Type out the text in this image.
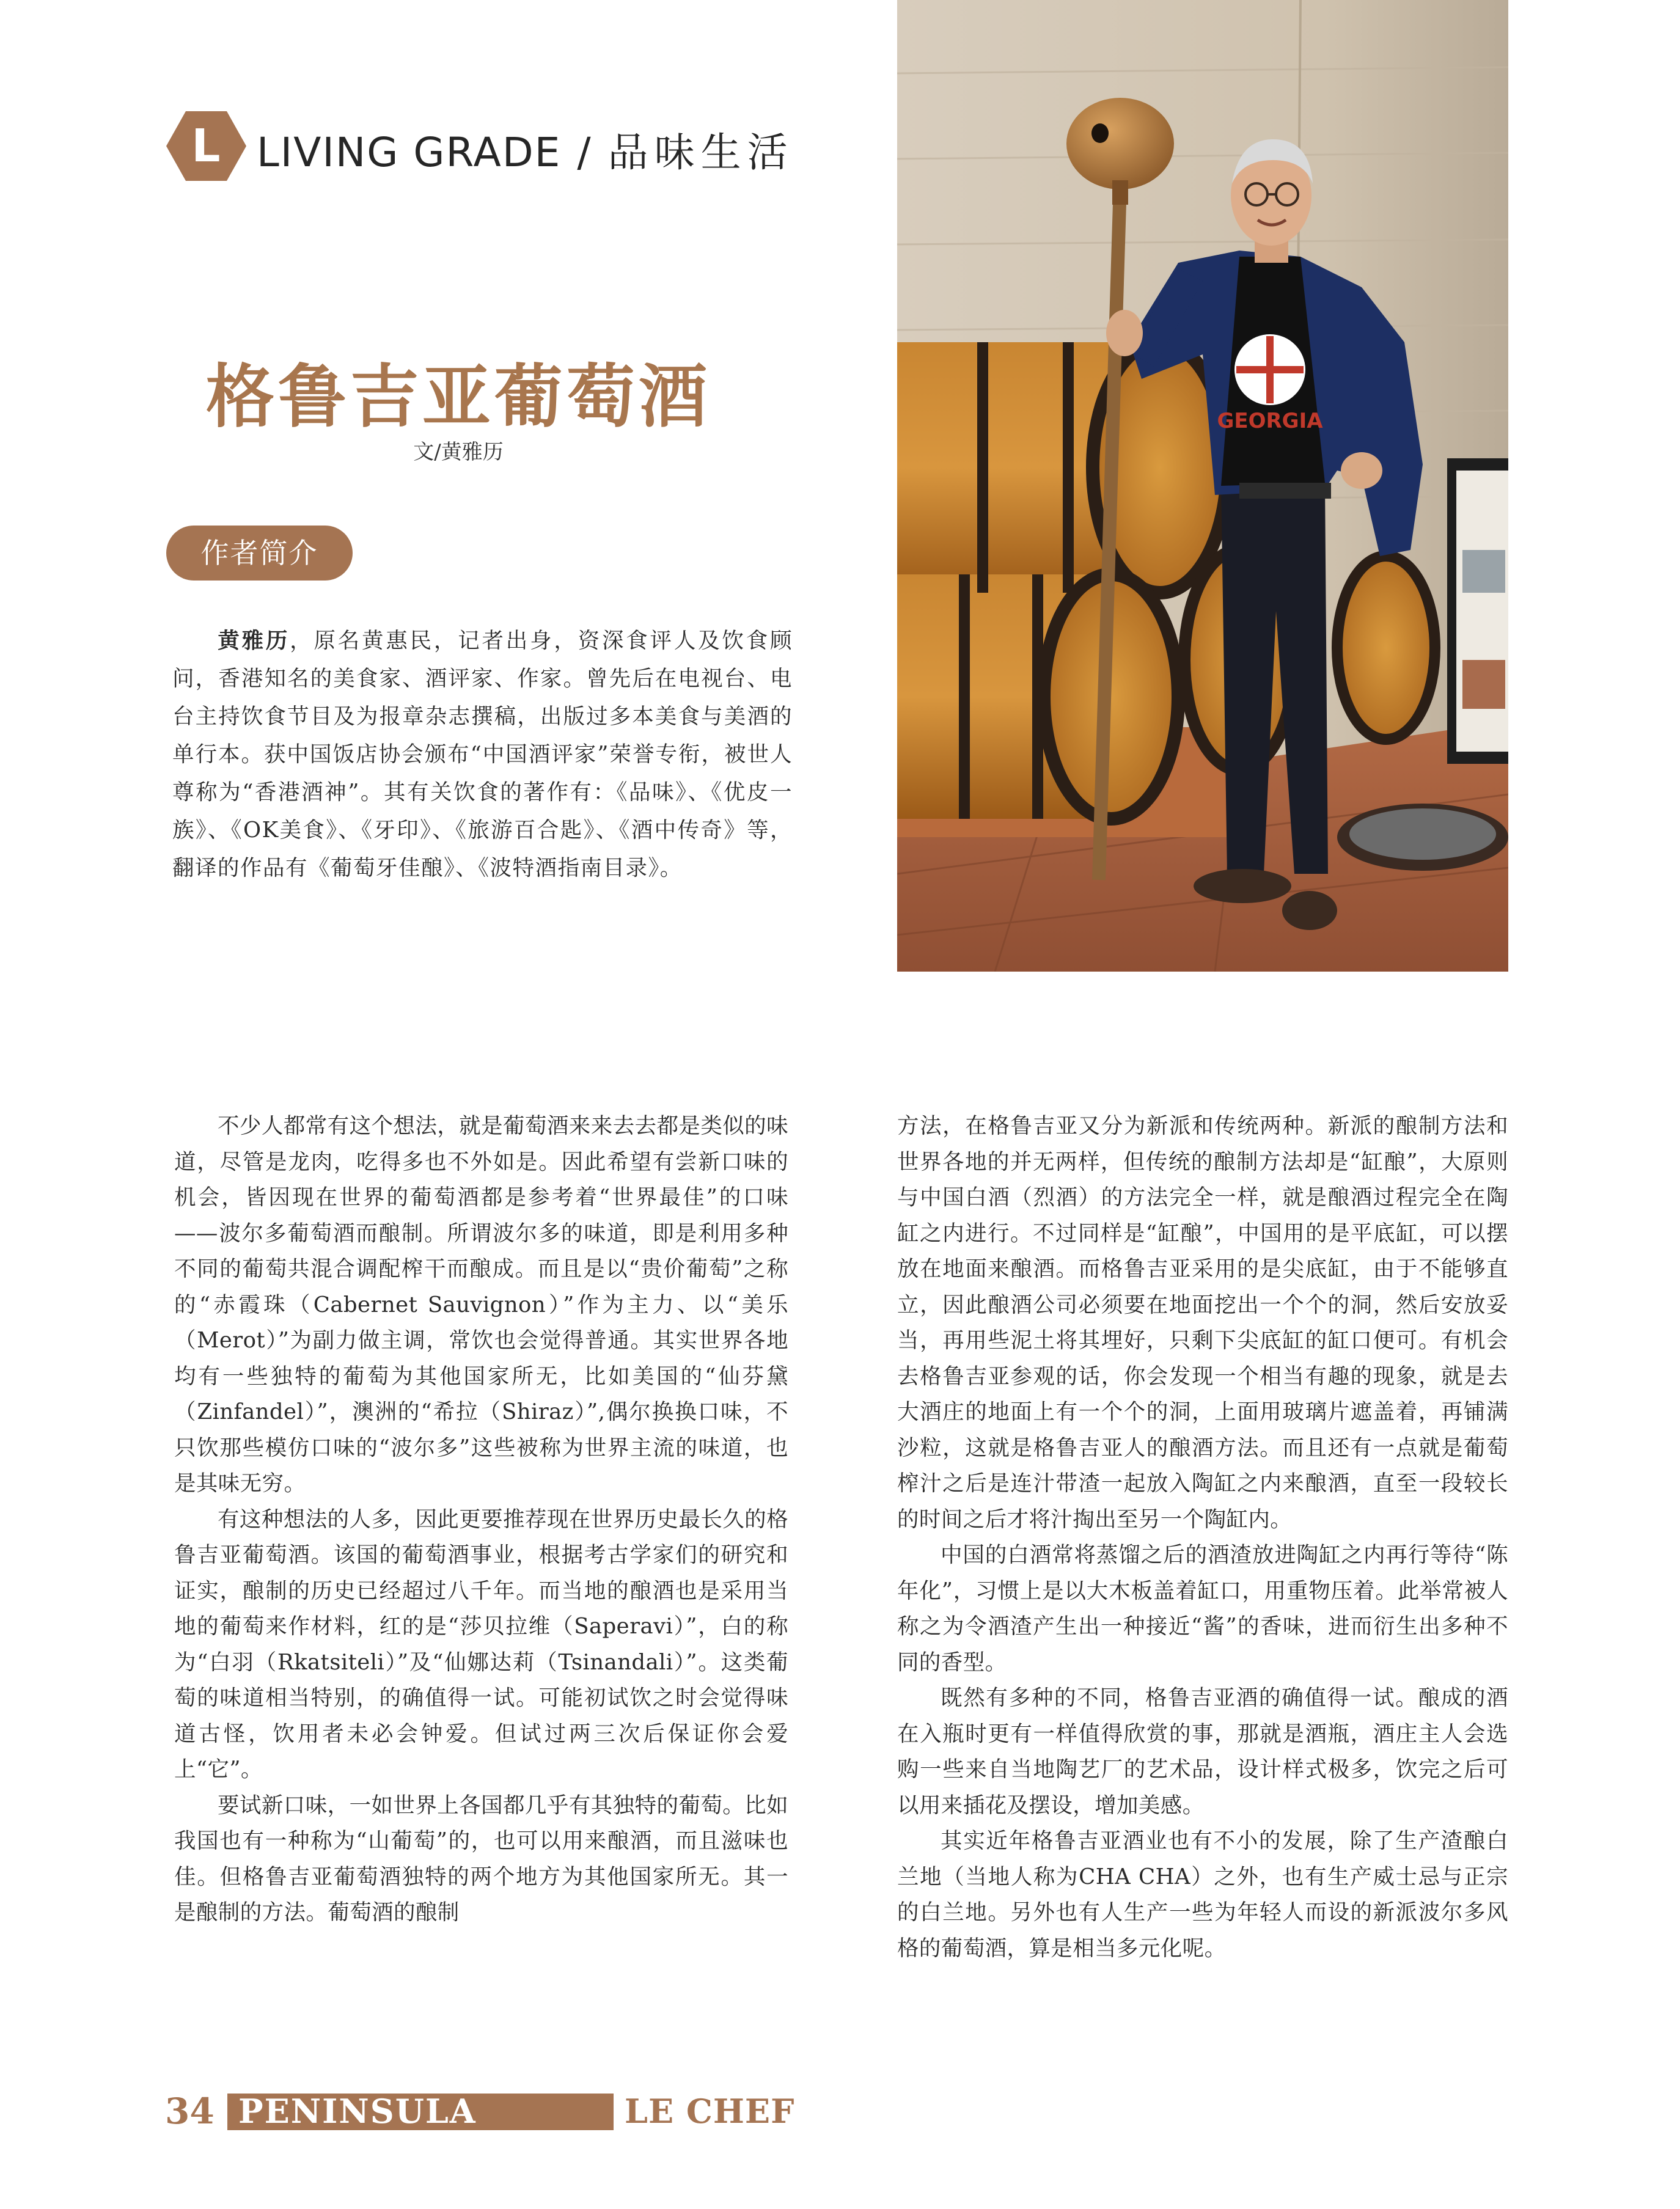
L LIVING GRADE / 品味生活
格鲁吉亚葡萄酒
文/黄雅历
作者简介
黄雅历，原名黄惠民，记者出身，资深食评人及饮食顾问，香港知名的美食家、酒评家、作家。曾先后在电视台、电台主持饮食节目及为报章杂志撰稿，出版过多本美食与美酒的单行本。获中国饭店协会颁布“中国酒评家”荣誉专衔，被世人尊称为“香港酒神”。其有关饮食的著作有：《品味》、《优皮一族》、《OK美食》、《牙印》、《旅游百合匙》、《酒中传奇》等，翻译的作品有《葡萄牙佳酿》、《波特酒指南目录》。
GEORGIA

不少人都常有这个想法，就是葡萄酒来来去去都是类似的味道，尽管是龙肉，吃得多也不外如是。因此希望有尝新口味的机会，皆因现在世界的葡萄酒都是参考着“世界最佳”的口味——波尔多葡萄酒而酿制。所谓波尔多的味道，即是利用多种不同的葡萄共混合调配榨干而酿成。而且是以“贵价葡萄”之称的“赤霞珠（Cabernet Sauvignon）”作为主力、以“美乐（Merot）”为副力做主调，常饮也会觉得普通。其实世界各地均有一些独特的葡萄为其他国家所无，比如美国的“仙芬黛（Zinfandel）”，澳洲的“希拉（Shiraz）”,偶尔换换口味，不只饮那些模仿口味的“波尔多”这些被称为世界主流的味道，也是其味无穷。

有这种想法的人多，因此更要推荐现在世界历史最长久的格鲁吉亚葡萄酒。该国的葡萄酒事业，根据考古学家们的研究和证实，酿制的历史已经超过八千年。而当地的酿酒也是采用当地的葡萄来作材料，红的是“莎贝拉维（Saperavi）”，白的称为“白羽（Rkatsiteli）”及“仙娜达莉（Tsinandali）”。这类葡萄的味道相当特别，的确值得一试。可能初试饮之时会觉得味道古怪，饮用者未必会钟爱。但试过两三次后保证你会爱上“它”。

要试新口味，一如世界上各国都几乎有其独特的葡萄。比如我国也有一种称为“山葡萄”的，也可以用来酿酒，而且滋味也佳。但格鲁吉亚葡萄酒独特的两个地方为其他国家所无。其一是酿制的方法。葡萄酒的酿制

方法，在格鲁吉亚又分为新派和传统两种。新派的酿制方法和世界各地的并无两样，但传统的酿制方法却是“缸酿”，大原则与中国白酒（烈酒）的方法完全一样，就是酿酒过程完全在陶缸之内进行。不过同样是“缸酿”，中国用的是平底缸，可以摆放在地面来酿酒。而格鲁吉亚采用的是尖底缸，由于不能够直立，因此酿酒公司必须要在地面挖出一个个的洞，然后安放妥当，再用些泥土将其埋好，只剩下尖底缸的缸口便可。有机会去格鲁吉亚参观的话，你会发现一个相当有趣的现象，就是去大酒庄的地面上有一个个的洞，上面用玻璃片遮盖着，再铺满沙粒，这就是格鲁吉亚人的酿酒方法。而且还有一点就是葡萄榨汁之后是连汁带渣一起放入陶缸之内来酿酒，直至一段较长的时间之后才将汁掏出至另一个陶缸内。

中国的白酒常将蒸馏之后的酒渣放进陶缸之内再行等待“陈年化”，习惯上是以大木板盖着缸口，用重物压着。此举常被人称之为令酒渣产生出一种接近“酱”的香味，进而衍生出多种不同的香型。

既然有多种的不同，格鲁吉亚酒的确值得一试。酿成的酒在入瓶时更有一样值得欣赏的事，那就是酒瓶，酒庄主人会选购一些来自当地陶艺厂的艺术品，设计样式极多，饮完之后可以用来插花及摆设，增加美感。

其实近年格鲁吉亚酒业也有不小的发展，除了生产渣酿白兰地（当地人称为CHA CHA）之外，也有生产威士忌与正宗的白兰地。另外也有人生产一些为年轻人而设的新派波尔多风格的葡萄酒，算是相当多元化呢。

34 PENINSULA	LE CHEF
